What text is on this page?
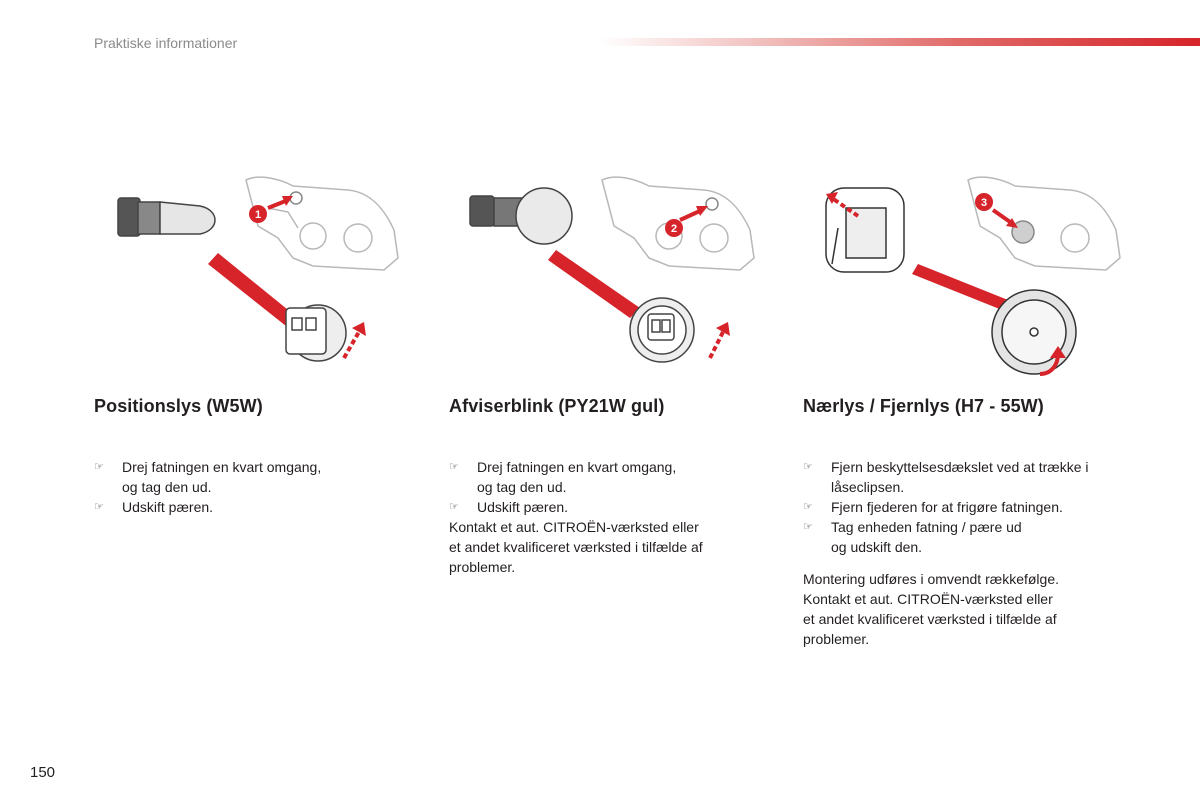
Praktiske informationer
1
2
3
Positionslys (W5W)
☞ Drej fatningen en kvart omgang,
og tag den ud.
☞ Udskift pæren.
Afviserblink (PY21W gul)
☞ Drej fatningen en kvart omgang,
og tag den ud.
☞ Udskift pæren.

Kontakt et aut. CITROËN-værksted eller
et andet kvalificeret værksted i tilfælde af
problemer.

Nærlys / Fjernlys (H7 - 55W)
☞ Fjern beskyttelsesdækslet ved at trække i
låseclipsen.
☞ Fjern fjederen for at frigøre fatningen.
☞ Tag enheden fatning / pære ud
og udskift den.

Montering udføres i omvendt rækkefølge.
Kontakt et aut. CITROËN-værksted eller
et andet kvalificeret værksted i tilfælde af
problemer.

150
